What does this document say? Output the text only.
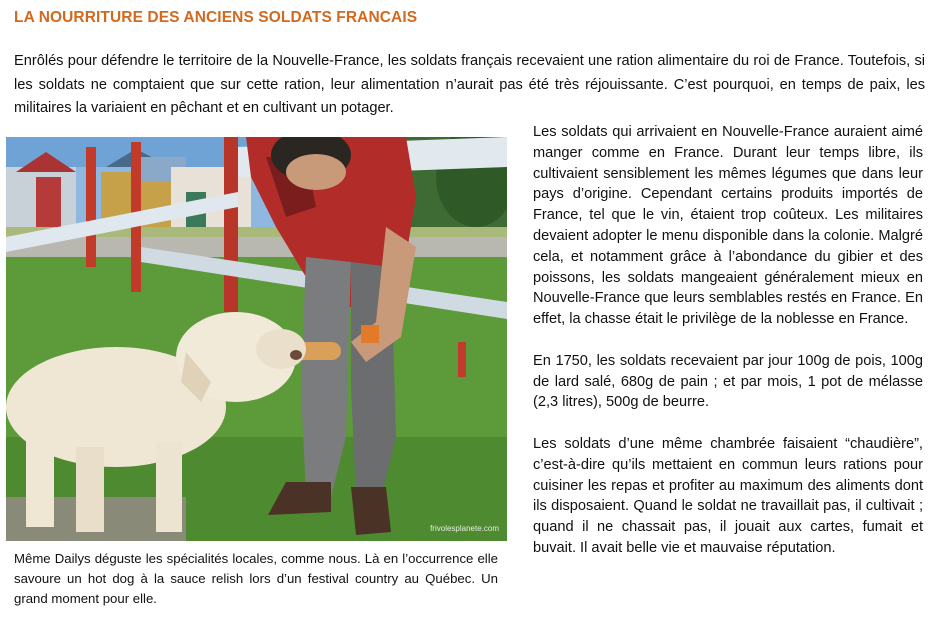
LA NOURRITURE DES ANCIENS SOLDATS FRANCAIS

Enrôlés pour défendre le territoire de la Nouvelle-France, les soldats français recevaient une ration alimentaire du roi de France. Toutefois, si les soldats ne comptaient que sur cette ration, leur alimentation n’aurait pas été très réjouissante. C’est pourquoi, en temps de paix, les militaires la variaient en pêchant et en cultivant un potager.

frivolesplanete.com

Même Dailys déguste les spécialités locales, comme nous. Là en l’occurrence elle savoure un hot dog à la sauce relish lors d’un festival country au Québec. Un grand moment pour elle.

Les soldats qui arrivaient en Nouvelle-France auraient aimé manger comme en France. Durant leur temps libre, ils cultivaient sensiblement les mêmes légumes que dans leur pays d’origine. Cependant certains produits importés de France, tel que le vin, étaient trop coûteux. Les militaires devaient adopter le menu disponible dans la colonie. Malgré cela, et notamment grâce à l’abondance du gibier et des poissons, les soldats mangeaient généralement mieux en Nouvelle-France que leurs semblables restés en France. En effet, la chasse était le privilège de la noblesse en France.

En 1750, les soldats recevaient par jour 100g de pois, 100g de lard salé, 680g de pain ; et par mois, 1 pot de mélasse (2,3 litres), 500g de beurre.

Les soldats d’une même chambrée faisaient “chaudière”, c’est-à-dire qu’ils mettaient en commun leurs rations pour cuisiner les repas et profiter au maximum des aliments dont ils disposaient. Quand le soldat ne travaillait pas, il cultivait ; quand il ne chassait pas, il jouait aux cartes, fumait et buvait. Il avait belle vie et mauvaise réputation.
